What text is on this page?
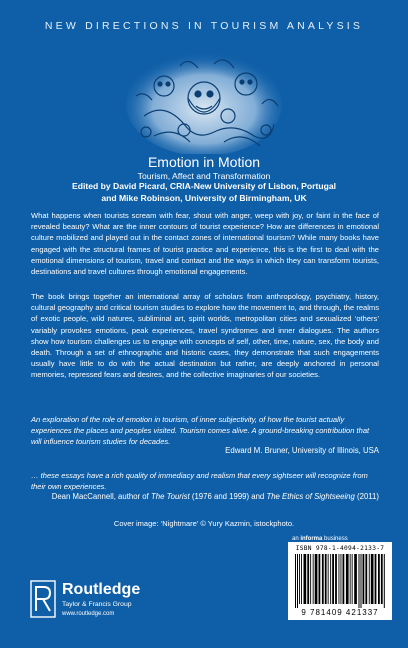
NEW DIRECTIONS IN TOURISM ANALYSIS
Emotion in Motion
Tourism, Affect and Transformation
Edited by David Picard, CRIA-New University of Lisbon, Portugal
and Mike Robinson, University of Birmingham, UK
What happens when tourists scream with fear, shout with anger, weep with joy, or faint in the face of revealed beauty? What are the inner contours of tourist experience? How are differences in emotional culture mobilized and played out in the contact zones of international tourism? While many books have engaged with the structural frames of tourist practice and experience, this is the first to deal with the emotional dimensions of tourism, travel and contact and the ways in which they can transform tourists, destinations and travel cultures through emotional engagements.
The book brings together an international array of scholars from anthropology, psychiatry, history, cultural geography and critical tourism studies to explore how the movement to, and through, the realms of exotic people, wild natures, subliminal art, spirit worlds, metropolitan cities and sexualized ‘others’ variably provokes emotions, peak experiences, travel syndromes and inner dialogues. The authors show how tourism challenges us to engage with concepts of self, other, time, nature, sex, the body and death. Through a set of ethnographic and historic cases, they demonstrate that such engagements usually have little to do with the actual destination but rather, are deeply anchored in personal memories, repressed fears and desires, and the collective imaginaries of our societies.
An exploration of the role of emotion in tourism, of inner subjectivity, of how the tourist actually experiences the places and peoples visited. Tourism comes alive. A ground-breaking contribution that will influence tourism studies for decades.
Edward M. Bruner, University of Illinois, USA
… these essays have a rich quality of immediacy and realism that every sightseer will recognize from their own experiences.
Dean MacCannell, author of The Tourist (1976 and 1999) and The Ethics of Sightseeing (2011)
Cover image: ‘Nightmare’ © Yury Kazmin, istockphoto.
an informa business
ISBN 978-1-4094-2133-7
9 781409 421337
Routledge
Taylor & Francis Group
www.routledge.com
